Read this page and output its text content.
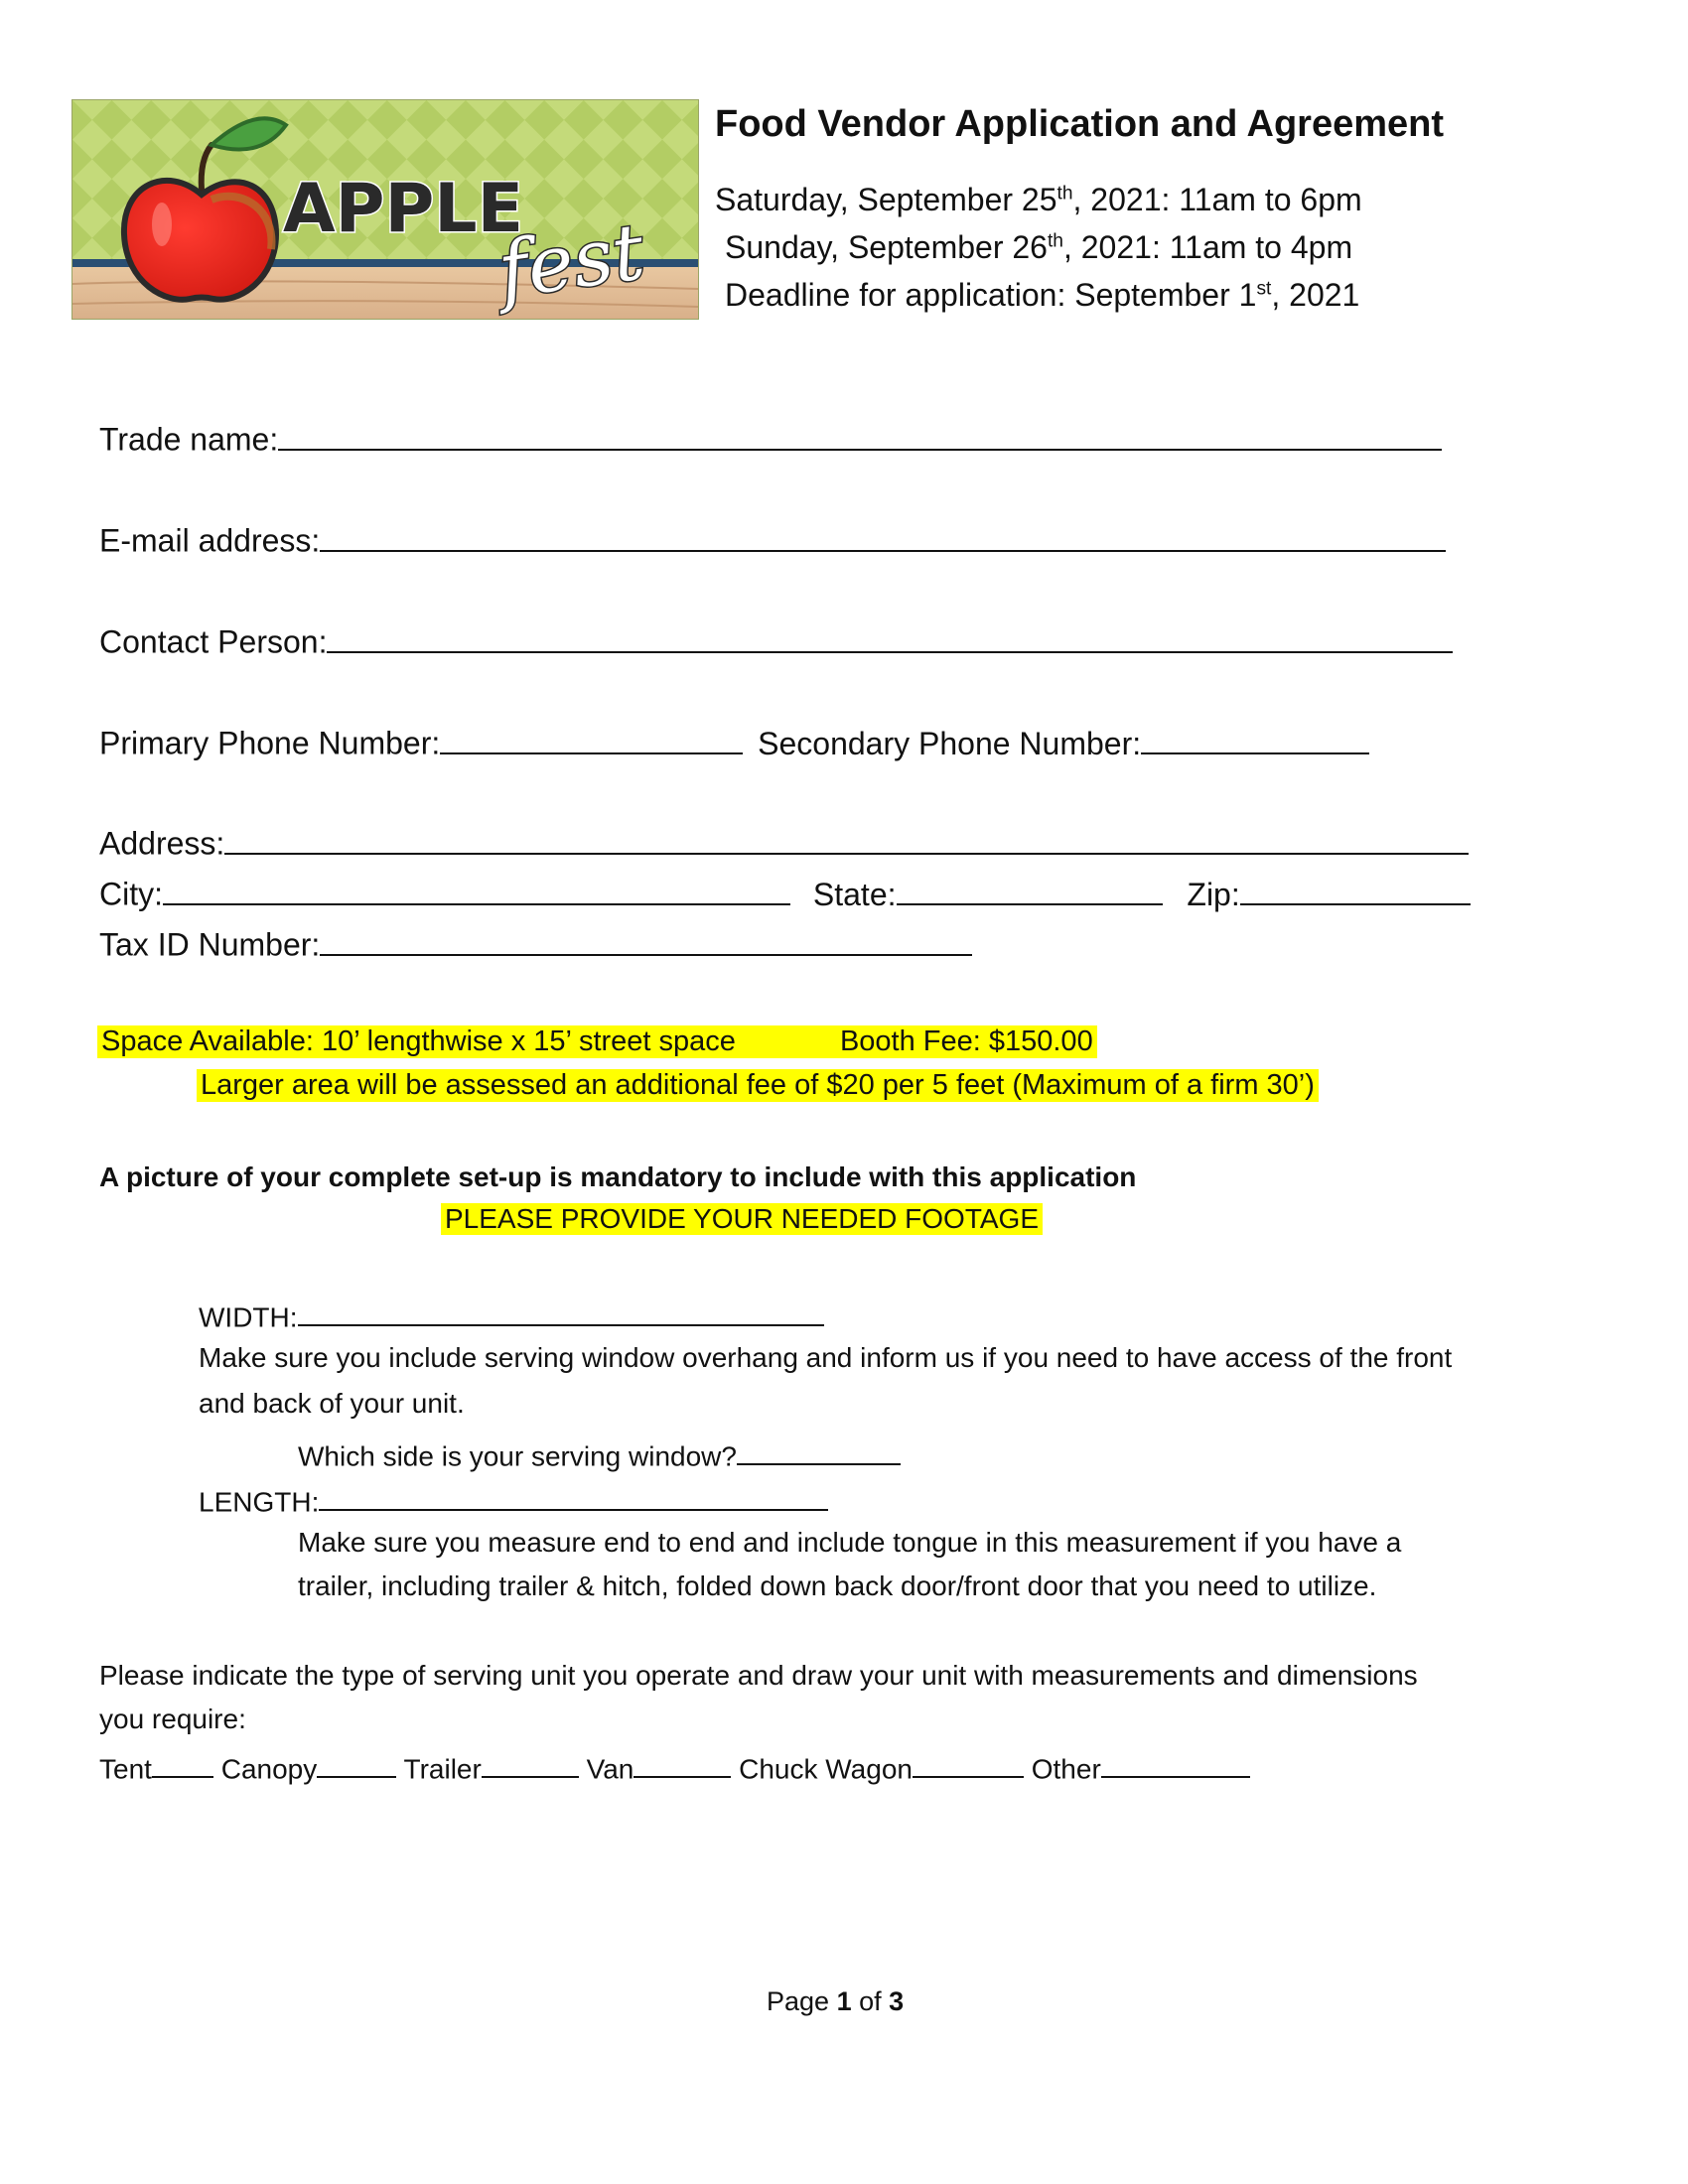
APPLE
fest
Food Vendor Application and Agreement
Saturday, September 25th, 2021: 11am to 6pm
Sunday, September 26th, 2021: 11am to 4pm
Deadline for application: September 1st, 2021
Trade name:
E-mail address:
Contact Person:
Primary Phone Number:	Secondary Phone Number:
Address:
City:	State:	Zip:
Tax ID Number:
Space Available: 10’ lengthwise x 15’ street space	Booth Fee: $150.00
Larger area will be assessed an additional fee of $20 per 5 feet (Maximum of a firm 30’)
A picture of your complete set-up is mandatory to include with this application
PLEASE PROVIDE YOUR NEEDED FOOTAGE
WIDTH:
Make sure you include serving window overhang and inform us if you need to have access of the front
and back of your unit.
Which side is your serving window?
LENGTH:
Make sure you measure end to end and include tongue in this measurement if you have a
trailer, including trailer & hitch, folded down back door/front door that you need to utilize.
Please indicate the type of serving unit you operate and draw your unit with measurements and dimensions
you require:
Tent Canopy	Trailer	Van	Chuck Wagon	Other
Page 1 of 3
